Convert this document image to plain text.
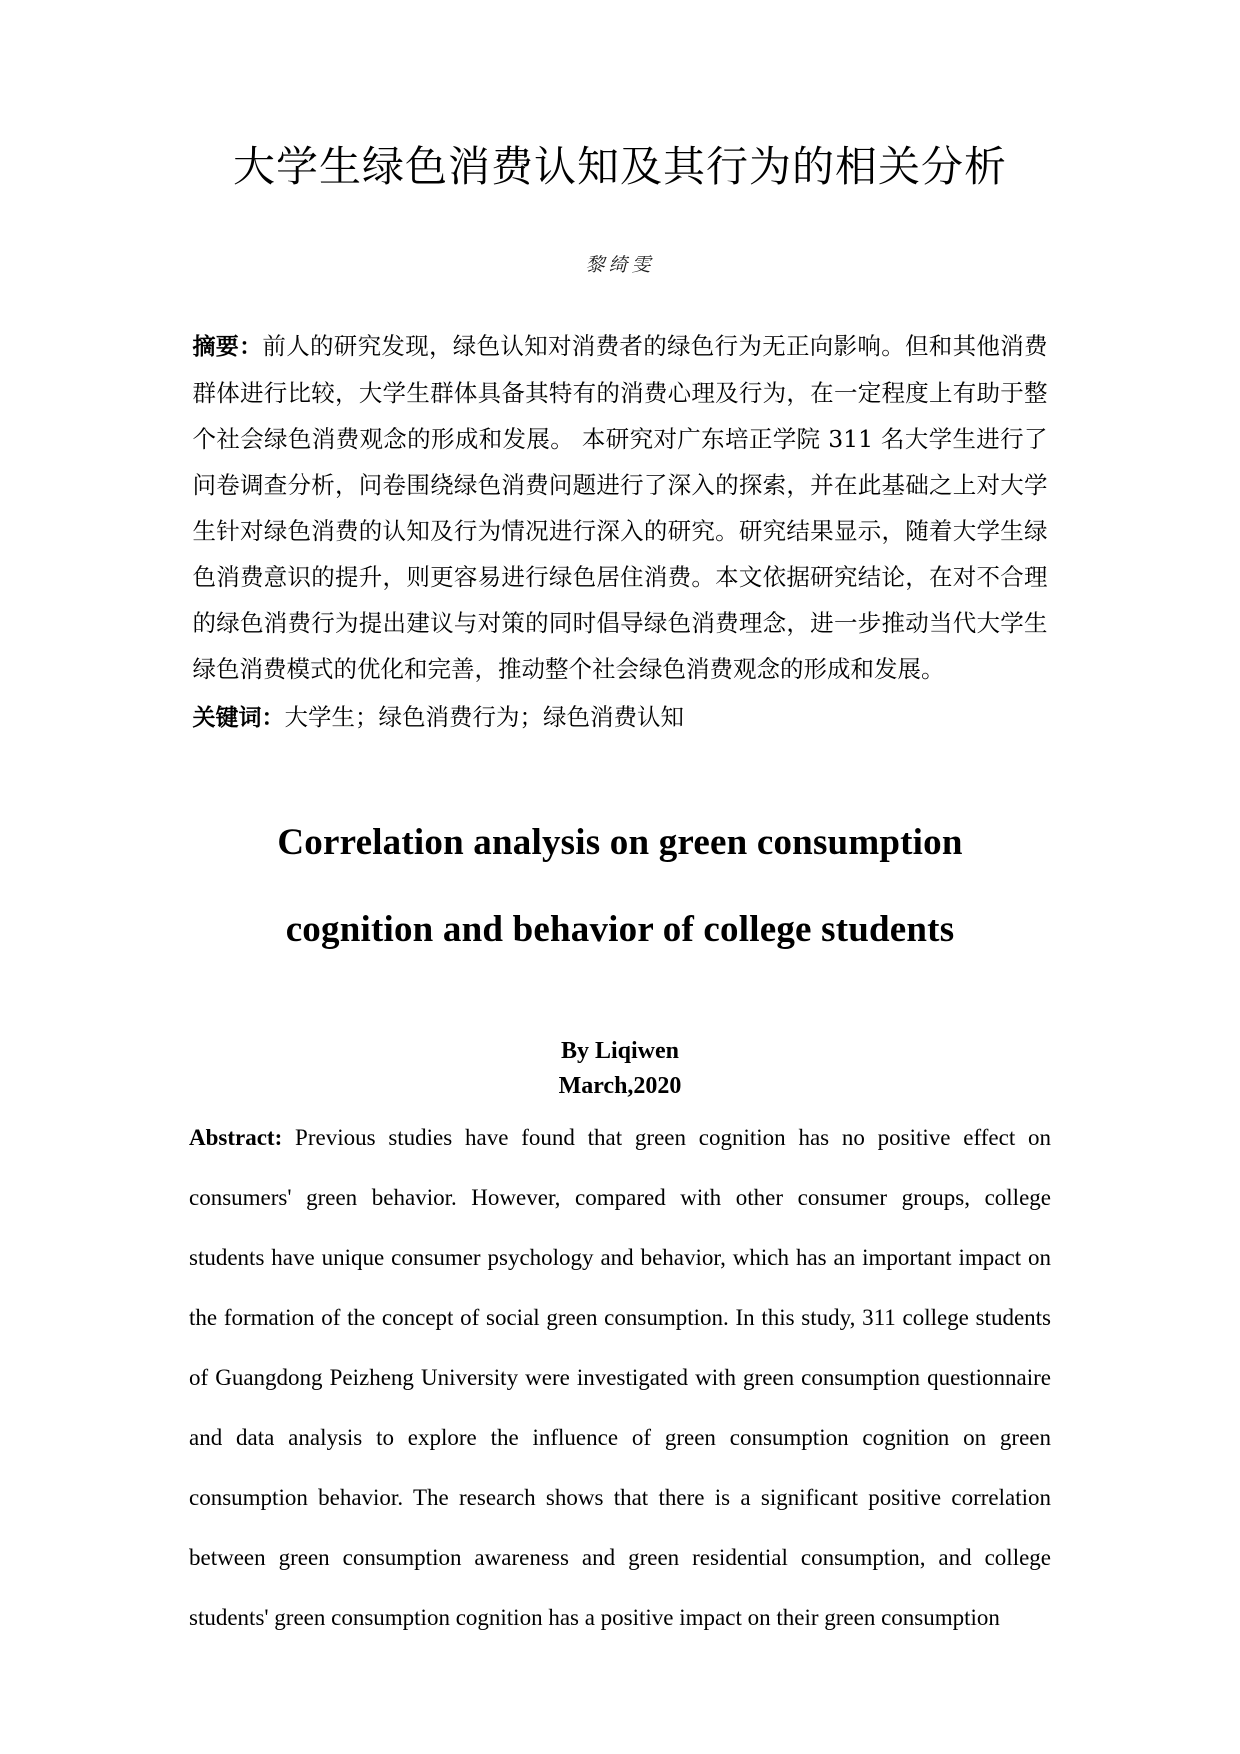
大学生绿色消费认知及其行为的相关分析
黎绮雯

摘要：前人的研究发现，绿色认知对消费者的绿色行为无正向影响。但和其他消费群体进行比较，大学生群体具备其特有的消费心理及行为，在一定程度上有助于整个社会绿色消费观念的形成和发展。 本研究对广东培正学院 311 名大学生进行了问卷调查分析，问卷围绕绿色消费问题进行了深入的探索，并在此基础之上对大学生针对绿色消费的认知及行为情况进行深入的研究。研究结果显示，随着大学生绿色消费意识的提升，则更容易进行绿色居住消费。本文依据研究结论，在对不合理的绿色消费行为提出建议与对策的同时倡导绿色消费理念，进一步推动当代大学生绿色消费模式的优化和完善，推动整个社会绿色消费观念的形成和发展。

关键词：大学生；绿色消费行为；绿色消费认知

Correlation analysis on green consumption
cognition and behavior of college students
By Liqiwen
March,2020

Abstract: Previous studies have found that green cognition has no positive effect on consumers' green behavior. However, compared with other consumer groups, college students have unique consumer psychology and behavior, which has an important impact on the formation of the concept of social green consumption. In this study, 311 college students of Guangdong Peizheng University were investigated with green consumption questionnaire and data analysis to explore the influence of green consumption cognition on green consumption behavior. The research shows that there is a significant positive correlation between green consumption awareness and green residential consumption, and college students' green consumption cognition has a positive impact on their green consumption
